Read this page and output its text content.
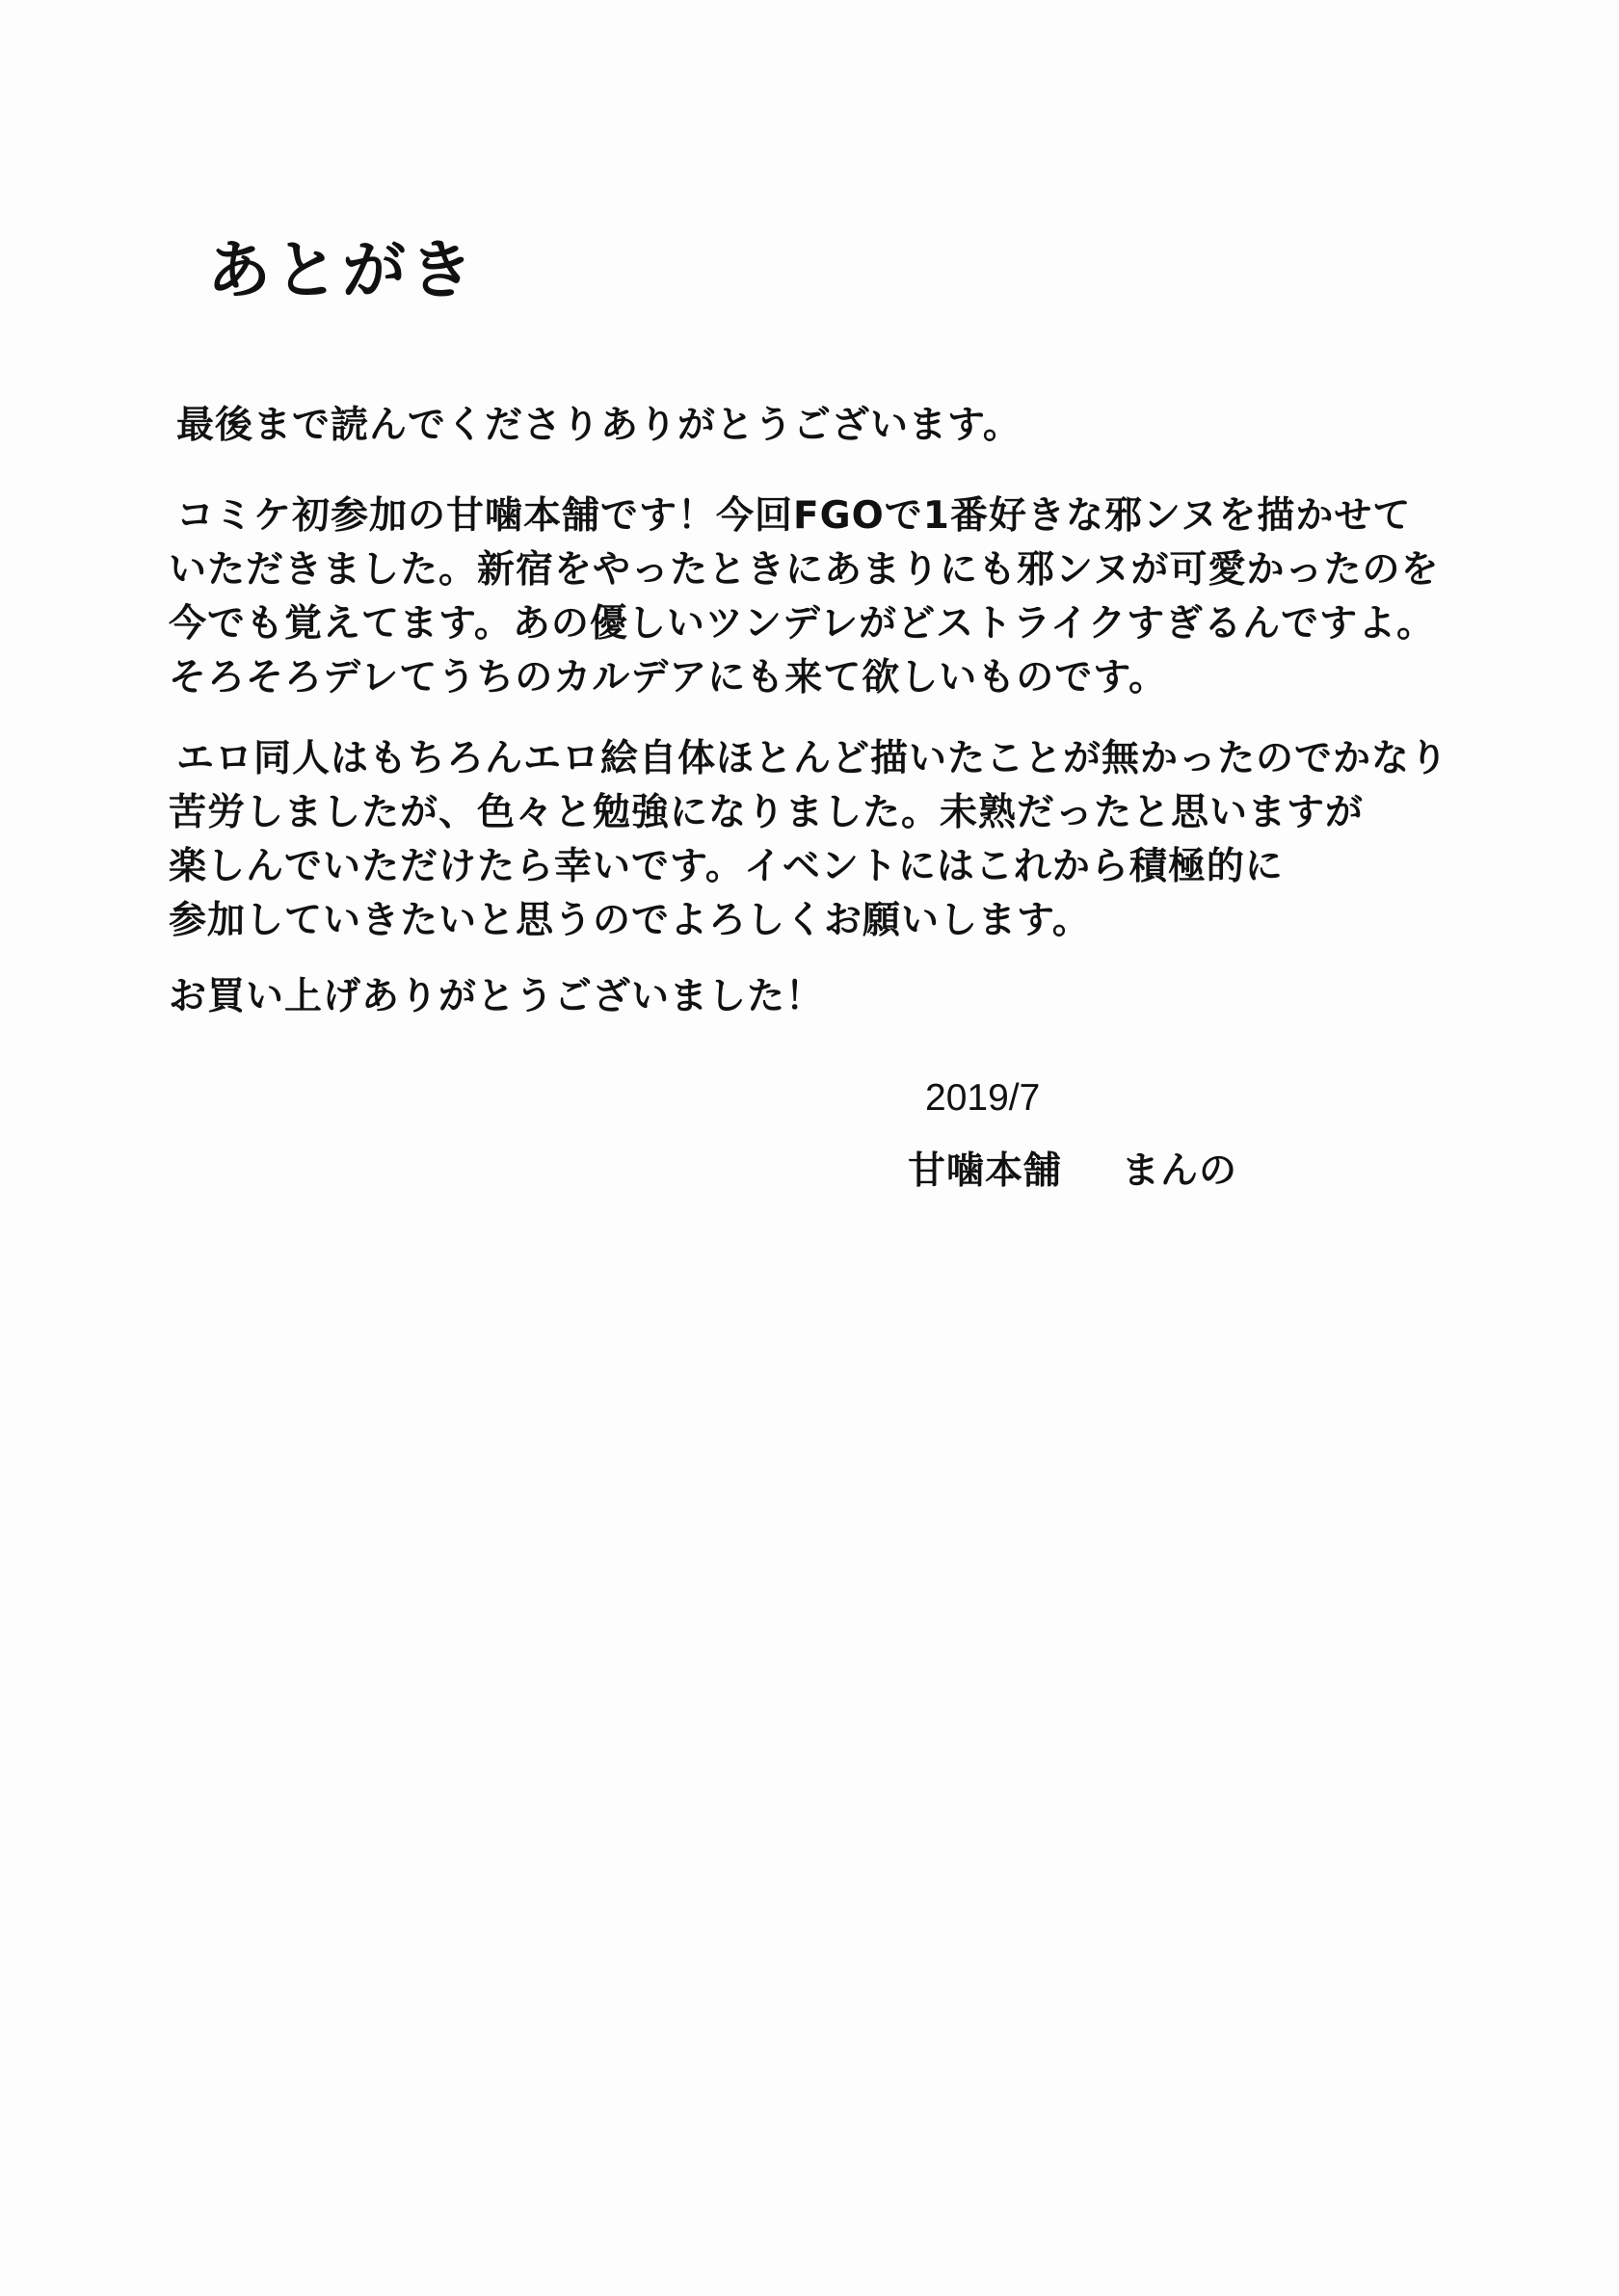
あとがき
最後まで読んでくださりありがとうございます。
コミケ初参加の甘噛本舗です！今回FGOで1番好きな邪ンヌを描かせて
いただきました。新宿をやったときにあまりにも邪ンヌが可愛かったのを
今でも覚えてます。あの優しいツンデレがどストライクすぎるんですよ。
そろそろデレてうちのカルデアにも来て欲しいものです。
エロ同人はもちろんエロ絵自体ほとんど描いたことが無かったのでかなり
苦労しましたが、色々と勉強になりました。未熟だったと思いますが
楽しんでいただけたら幸いです。イベントにはこれから積極的に
参加していきたいと思うのでよろしくお願いします。
お買い上げありがとうございました！
2019/7
甘噛本舗 まんの
